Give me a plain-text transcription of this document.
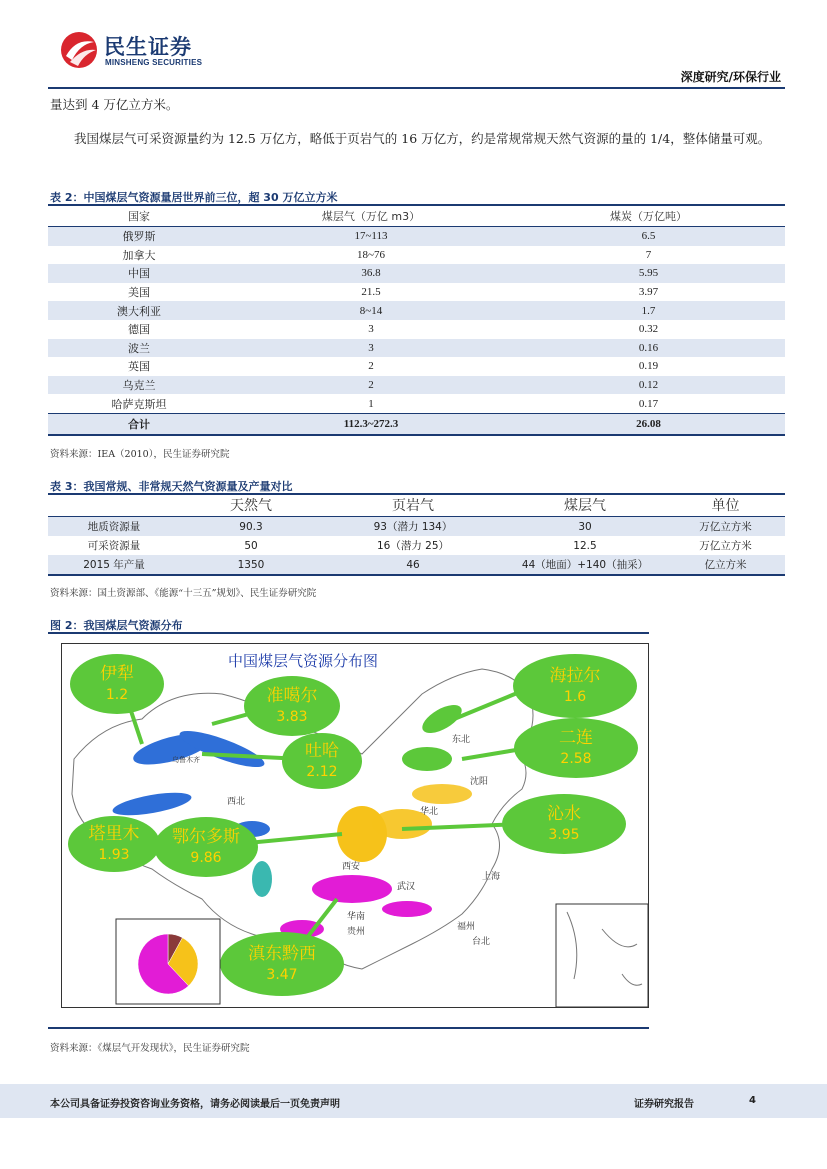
民生证券
MINSHENG SECURITIES
深度研究/环保行业
量达到 4 万亿立方米。
我国煤层气可采资源量约为 12.5 万亿方，略低于页岩气的 16 万亿方，约是常规常规天然气资源的量的 1/4，整体储量可观。
表 2：中国煤层气资源量居世界前三位，超 30 万亿立方米
国家	煤层气（万亿 m3）	煤炭（万亿吨）
俄罗斯	17~113	6.5
加拿大	18~76	7
中国	36.8	5.95
美国	21.5	3.97
澳大利亚	8~14	1.7
德国	3	0.32
波兰	3	0.16
英国	2	0.19
乌克兰	2	0.12
哈萨克斯坦	1	0.17
合计	112.3~272.3	26.08
资料来源：IEA（2010），民生证券研究院
表 3：我国常规、非常规天然气资源量及产量对比
	天然气	页岩气	煤层气	单位
地质资源量	90.3	93（潜力 134）	30	万亿立方米
可采资源量	50	16（潜力 25）	12.5	万亿立方米
2015 年产量	1350	46	44（地面）+140（抽采）	亿立方米
资料来源：国土资源部、《能源“十三五”规划》、民生证券研究院
图 2：我国煤层气资源分布
伊犁
1.2	准噶尔
3.83
吐哈
2.12
海拉尔
1.6
二连
2.58
沁水
3.95
塔里木
1.93
鄂尔多斯
9.86
滇东黔西
3.47
东北
西北
西安
沈阳
华北
上海
武汉
华南
贵州	福州
台北
乌鲁木齐
中国煤层气资源分布图
资料来源：《煤层气开发现状》，民生证券研究院
本公司具备证券投资咨询业务资格，请务必阅读最后一页免责声明	证券研究报告	4
